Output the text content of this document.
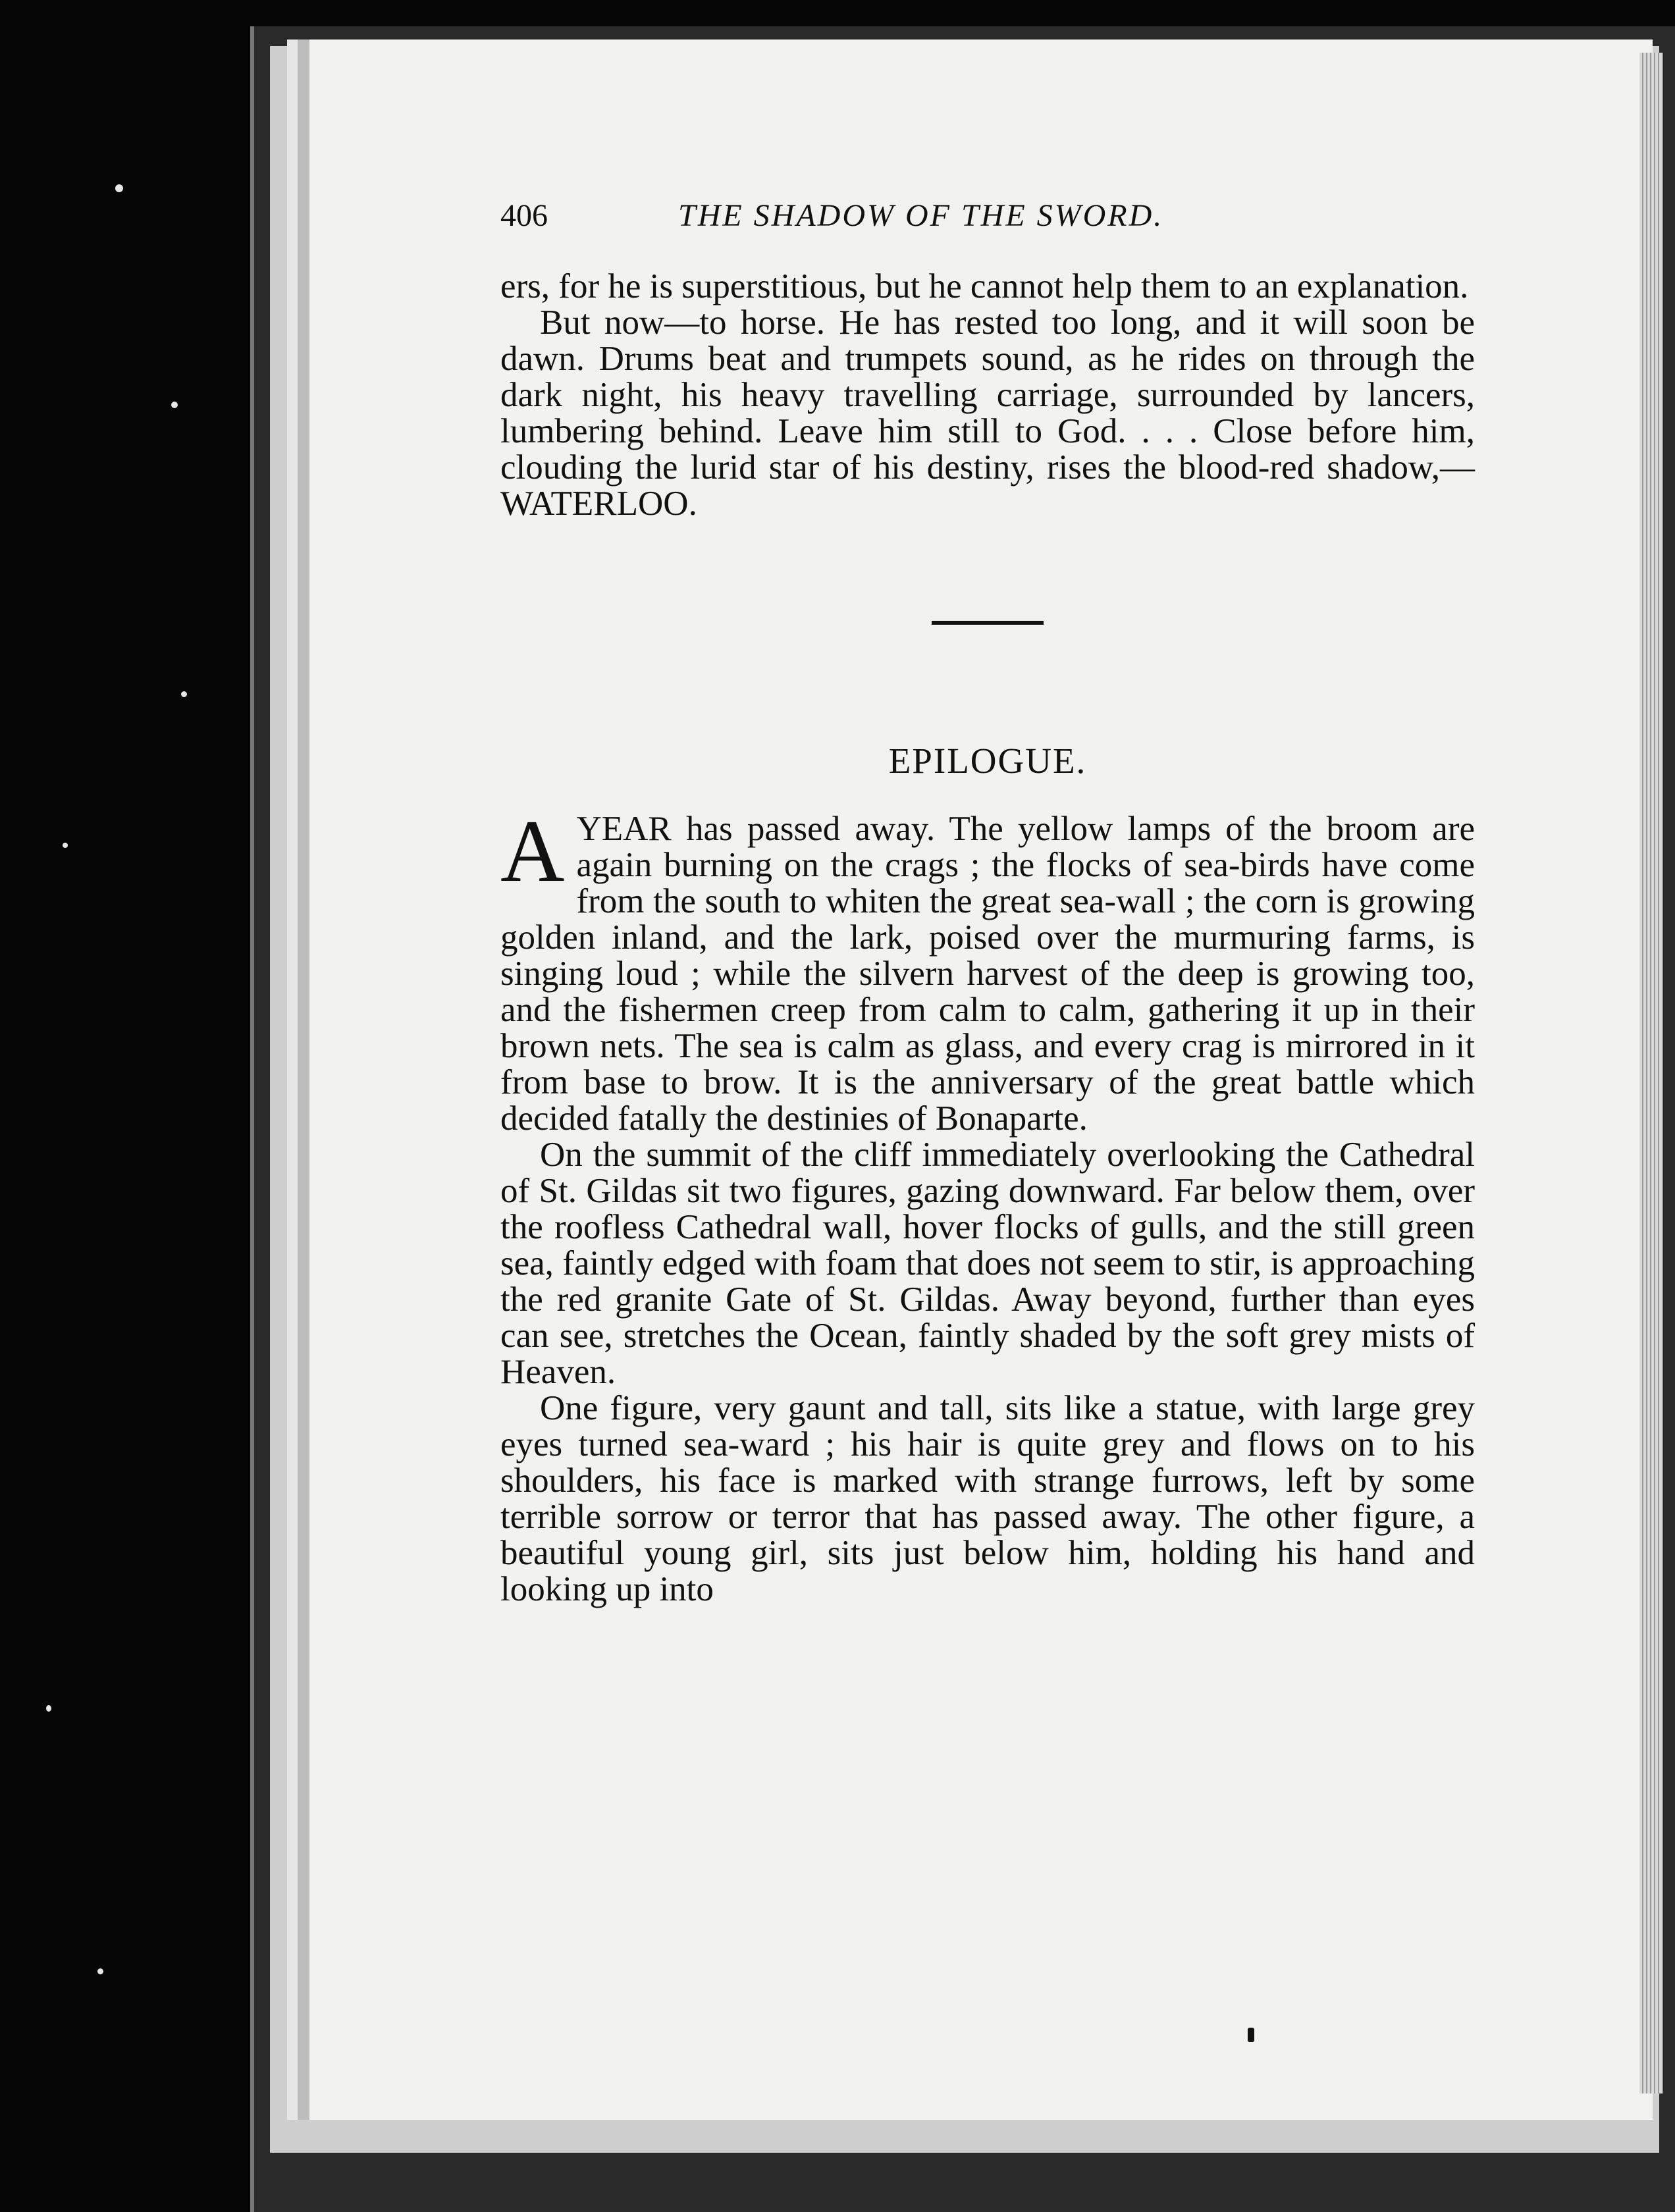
406	THE SHADOW OF THE SWORD.

ers, for he is superstitious, but he cannot help them to an explanation.

But now—to horse. He has rested too long, and it will soon be dawn. Drums beat and trumpets sound, as he rides on through the dark night, his heavy travelling carriage, surrounded by lancers, lumbering behind. Leave him still to God. . . . Close before him, clouding the lurid star of his destiny, rises the blood-red shadow,—WATERLOO.

EPILOGUE.

AYEAR has passed away. The yellow lamps of the broom are again burning on the crags ; the flocks of sea-birds have come from the south to whiten the great sea-wall ; the corn is growing golden inland, and the lark, poised over the murmuring farms, is singing loud ; while the silvern harvest of the deep is growing too, and the fishermen creep from calm to calm, gathering it up in their brown nets. The sea is calm as glass, and every crag is mirrored in it from base to brow. It is the anniversary of the great battle which decided fatally the destinies of Bonaparte.

On the summit of the cliff immediately overlooking the Cathedral of St. Gildas sit two figures, gazing downward. Far below them, over the roofless Cathedral wall, hover flocks of gulls, and the still green sea, faintly edged with foam that does not seem to stir, is approaching the red granite Gate of St. Gildas. Away beyond, further than eyes can see, stretches the Ocean, faintly shaded by the soft grey mists of Heaven.

One figure, very gaunt and tall, sits like a statue, with large grey eyes turned sea-ward ; his hair is quite grey and flows on to his shoulders, his face is marked with strange furrows, left by some terrible sorrow or terror that has passed away. The other figure, a beautiful young girl, sits just below him, holding his hand and looking up into
